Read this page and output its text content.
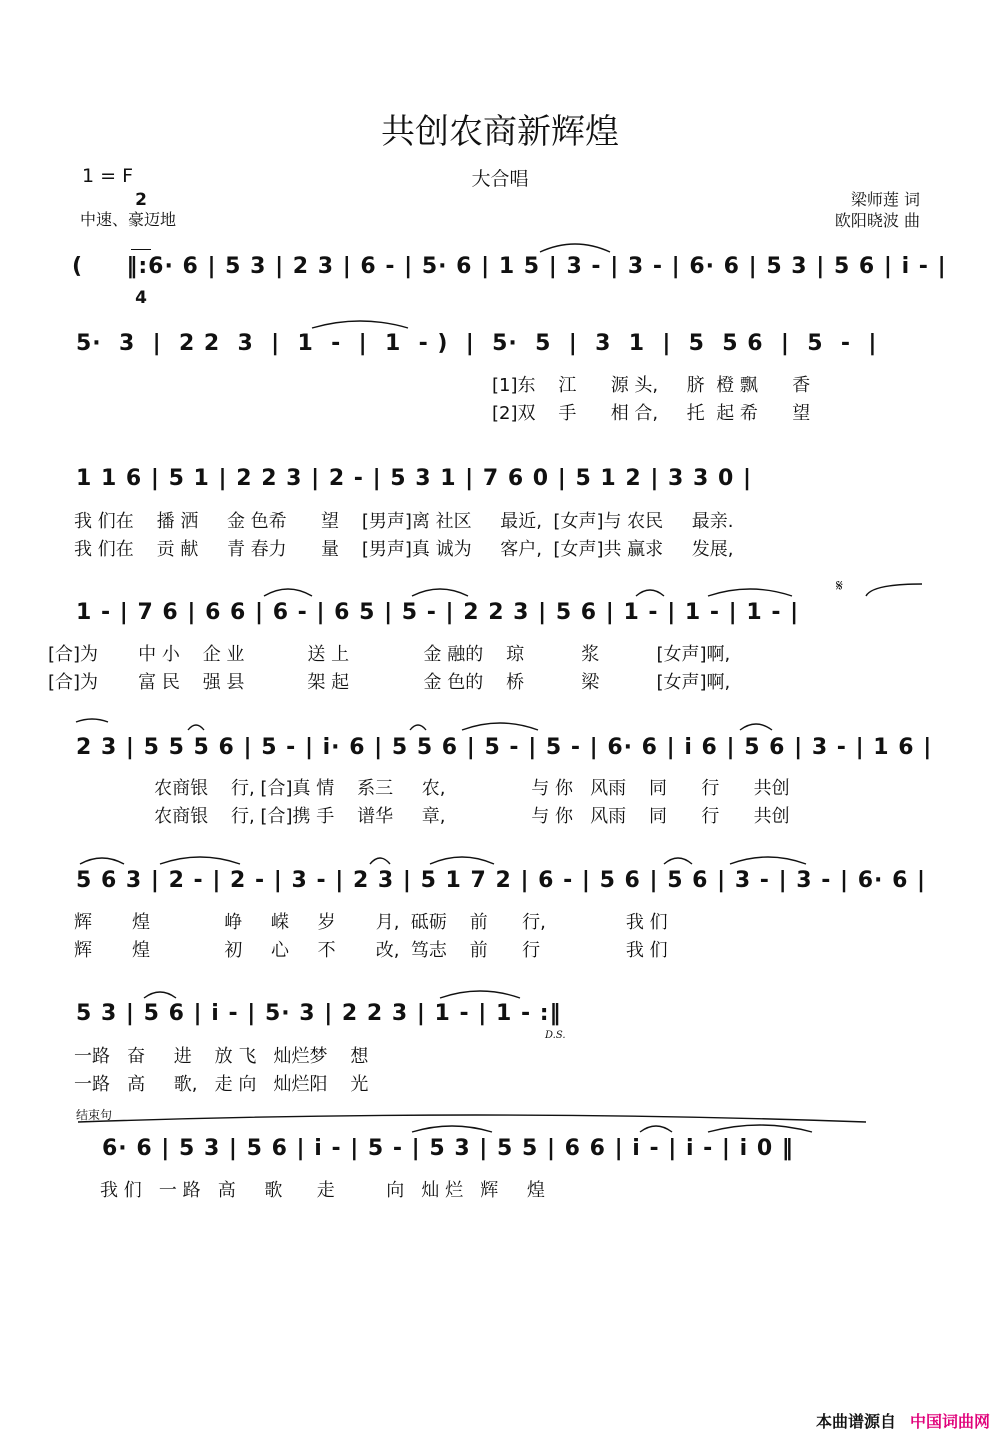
共创农商新辉煌
大合唱
1 = F

2

4

中速、豪迈地
梁师莲 词
欧阳晓波 曲
(     ‖:6· 6 | 5 3 | 2 3 | 6 - | 5· 6 | 1 5 | 3 - | 3 - | 6· 6 | 5 3 | 5 6 | i - |
5·  3  |  2 2  3  |  1  -  |  1  - )  |  5·  5  |  3  1  |  5  5 6  |  5  -  |
[1]东    江      源 头,     脐  橙 飘      香
[2]双    手      相 合,     托  起 希      望
1 1 6 | 5 1 | 2 2 3 | 2 - | 5 3 1 | 7 6 0 | 5 1 2 | 3 3 0 |
我 们在    播 洒     金 色希      望    [男声]离 社区     最近,  [女声]与 农民     最亲.
我 们在    贡 献     青 春力      量    [男声]真 诚为     客户,  [女声]共 赢求     发展,
𝄋
1 - | 7 6 | 6 6 | 6 - | 6 5 | 5 - | 2 2 3 | 5 6 | 1 - | 1 - | 1 - |
[合]为       中 小    企 业           送 上             金 融的    琼          浆          [女声]啊,
[合]为       富 民    强 县           架 起             金 色的    桥          梁          [女声]啊,
2 3 | 5 5 5 6 | 5 - | i· 6 | 5 5 6 | 5 - | 5 - | 6· 6 | i 6 | 5 6 | 3 - | 1 6 |
农商银    行, [合]真 情    系三     农,               与 你   风雨    同      行      共创
农商银    行, [合]携 手    谱华     章,               与 你   风雨    同      行      共创
5 6 3 | 2 - | 2 - | 3 - | 2 3 | 5 1 7 2 | 6 - | 5 6 | 5 6 | 3 - | 3 - | 6· 6 |
辉       煌             峥     嵘     岁       月,  砥砺    前      行,              我 们
辉       煌             初     心     不       改,  笃志    前      行               我 们
5 3 | 5 6 | i - | 5· 3 | 2 2 3 | 1 - | 1 - :‖
D.S.
一路   奋     进    放 飞   灿烂梦    想
一路   高     歌,   走 向   灿烂阳    光
结束句
6· 6 | 5 3 | 5 6 | i - | 5 - | 5 3 | 5 5 | 6 6 | i - | i - | i 0 ‖
我 们   一 路   高     歌      走         向   灿 烂   辉     煌

本曲谱源自 中国词曲网
